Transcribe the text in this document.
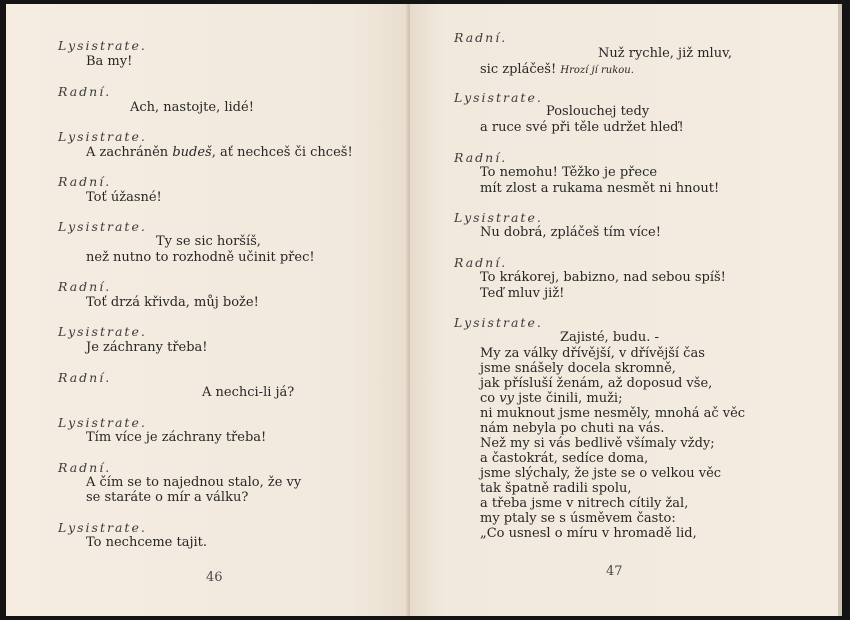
Lysistrate.
Ba my!
Radní.
Ach, nastojte, lidé!
Lysistrate.
A zachráněn budeš, ať nechceš či chceš!
Radní.
Toť úžasné!
Lysistrate.
Ty se sic horšíš,
než nutno to rozhodně učinit přec!
Radní.
Toť drzá křivda, můj bože!
Lysistrate.
Je záchrany třeba!
Radní.
A nechci-li já?
Lysistrate.
Tím více je záchrany třeba!
Radní.
A čím se to najednou stalo, že vy
se staráte o mír a válku?
Lysistrate.
To nechceme tajit.
46
Radní.
Nuž rychle, již mluv,
sic zpláčeš! Hrozí jí rukou.
Lysistrate.
Poslouchej tedy
a ruce své při těle udržet hleď!
Radní.
To nemohu! Těžko je přece
mít zlost a rukama nesmět ni hnout!
Lysistrate.
Nu dobrá, zpláčeš tím více!
Radní.
To krákorej, babizno, nad sebou spíš!
Teď mluv již!
Lysistrate.
Zajisté, budu. -
My za války dřívější, v dřívější čas
jsme snášely docela skromně,
jak přísluší ženám, až doposud vše,
co vy jste činili, muži;
ni muknout jsme nesměly, mnohá ač věc
nám nebyla po chuti na vás.
Než my si vás bedlivě všímaly vždy;
a častokrát, sedíce doma,
jsme slýchaly, že jste se o velkou věc
tak špatně radili spolu,
a třeba jsme v nitrech cítily žal,
my ptaly se s úsměvem často:
„Co usnesl o míru v hromadě lid,
47
